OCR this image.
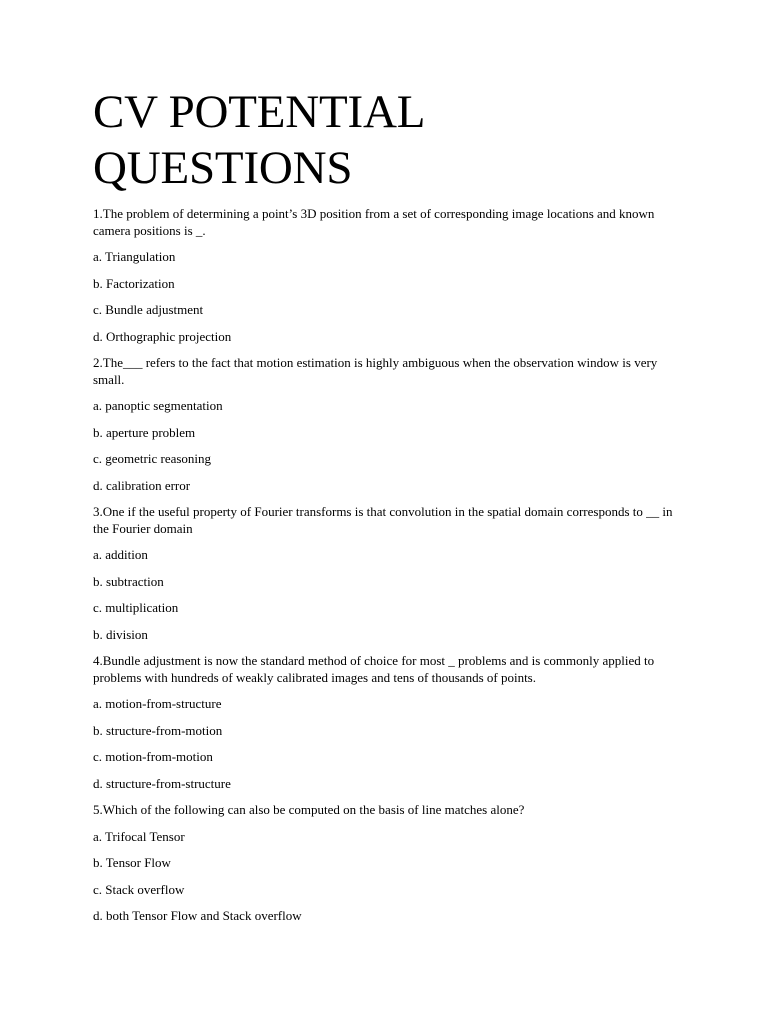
CV POTENTIAL
QUESTIONS

1.The problem of determining a point’s 3D position from a set of corresponding image locations and known camera positions is _.

a. Triangulation

b. Factorization

c. Bundle adjustment

d. Orthographic projection

2.The___ refers to the fact that motion estimation is highly ambiguous when the observation window is very small.

a. panoptic segmentation

b. aperture problem

c. geometric reasoning

d. calibration error

3.One if the useful property of Fourier transforms is that convolution in the spatial domain corresponds to __ in the Fourier domain

a. addition

b. subtraction

c. multiplication

b. division

4.Bundle adjustment is now the standard method of choice for most _ problems and is commonly applied to problems with hundreds of weakly calibrated images and tens of thousands of points.

a. motion-from-structure

b. structure-from-motion

c. motion-from-motion

d. structure-from-structure

5.Which of the following can also be computed on the basis of line matches alone?

a. Trifocal Tensor

b. Tensor Flow

c. Stack overflow

d. both Tensor Flow and Stack overflow
